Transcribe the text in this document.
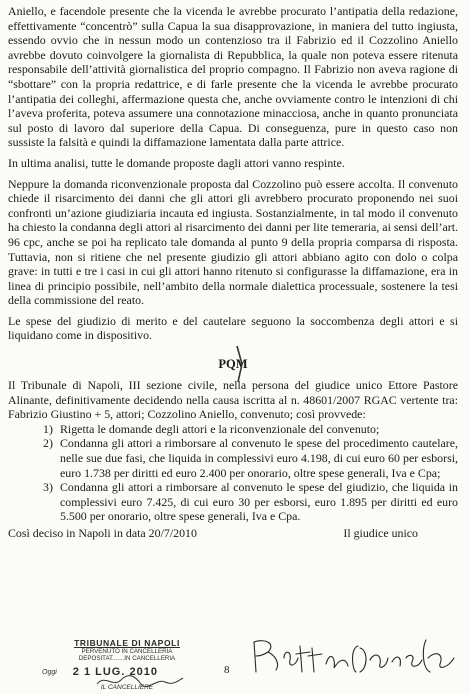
Aniello, e facendole presente che la vicenda le avrebbe procurato l’antipatia della redazione, effettivamente “concentrò” sulla Capua la sua disapprovazione, in maniera del tutto ingiusta, essendo ovvio che in nessun modo un contenzioso tra il Fabrizio ed il Cozzolino Aniello avrebbe dovuto coinvolgere la giornalista di Repubblica, la quale non poteva essere ritenuta responsabile dell’attività giornalistica del proprio compagno. Il Fabrizio non aveva ragione di “sbottare” con la propria redattrice, e di farle presente che la vicenda le avrebbe procurato l’antipatia dei colleghi, affermazione questa che, anche ovviamente contro le intenzioni di chi l’aveva proferita, poteva assumere una connotazione minacciosa, anche in quanto pronunciata sul posto di lavoro dal superiore della Capua. Di conseguenza, pure in questo caso non sussiste la falsità e quindi la diffamazione lamentata dalla parte attrice.

In ultima analisi, tutte le domande proposte dagli attori vanno respinte.

Neppure la domanda riconvenzionale proposta dal Cozzolino può essere accolta. Il convenuto chiede il risarcimento dei danni che gli attori gli avrebbero procurato proponendo nei suoi confronti un’azione giudiziaria incauta ed ingiusta. Sostanzialmente, in tal modo il convenuto ha chiesto la condanna degli attori al risarcimento dei danni per lite temeraria, ai sensi dell’art. 96 cpc, anche se poi ha replicato tale domanda al punto 9 della propria comparsa di risposta. Tuttavia, non si ritiene che nel presente giudizio gli attori abbiano agito con dolo o colpa grave: in tutti e tre i casi in cui gli attori hanno ritenuto si configurasse la diffamazione, era in linea di principio possibile, nell’ambito della normale dialettica processuale, sostenere la tesi della commissione del reato.

Le spese del giudizio di merito e del cautelare seguono la soccombenza degli attori e si liquidano come in dispositivo.

PQM

Il Tribunale di Napoli, III sezione civile, nella persona del giudice unico Ettore Pastore Alinante, definitivamente decidendo nella causa iscritta al n. 48601/2007 RGAC vertente tra: Fabrizio Giustino + 5, attori; Cozzolino Aniello, convenuto; così provvede:

1) Rigetta le domande degli attori e la riconvenzionale del convenuto;
2) Condanna gli attori a rimborsare al convenuto le spese del procedimento cautelare, nelle sue due fasi, che liquida in complessivi euro 4.198, di cui euro 60 per esborsi, euro 1.738 per diritti ed euro 2.400 per onorario, oltre spese generali, Iva e Cpa;
3) Condanna gli attori a rimborsare al convenuto le spese del giudizio, che liquida in complessivi euro 7.425, di cui euro 30 per esborsi, euro 1.895 per diritti ed euro 5.500 per onorario, oltre spese generali, Iva e Cpa.
Così deciso in Napoli in data 20/7/2010	Il giudice unico
TRIBUNALE DI NAPOLI
PERVENUTO IN CANCELLERIA
DEPOSITAT.......IN CANCELLERIA
Oggi 2 1 LUG. 2010
IL CANCELLIERE
8
